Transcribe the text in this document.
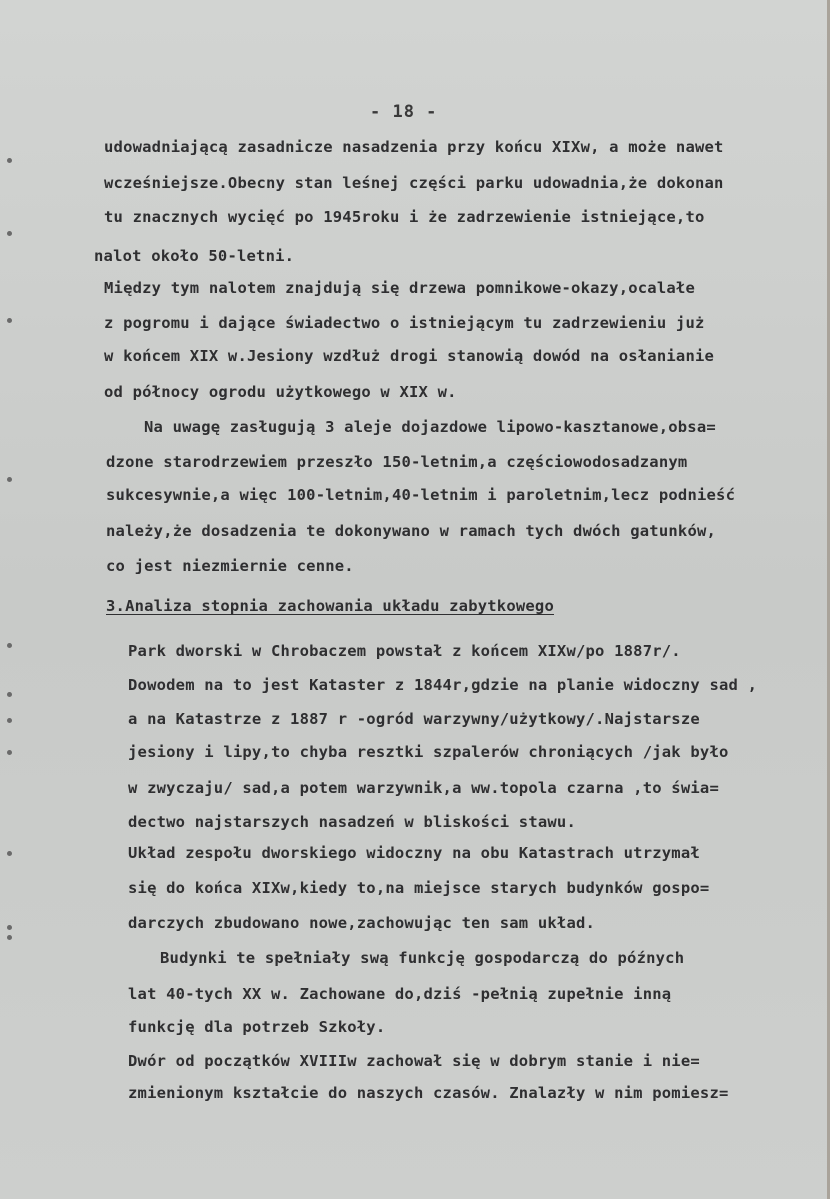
- 18 -
udowadniającą zasadnicze nasadzenia przy końcu XIXw, a może nawet
wcześniejsze.Obecny stan leśnej części parku udowadnia,że dokonan
tu znacznych wycięć po 1945roku i że zadrzewienie istniejące,to
nalot około 50-letni.
Między tym nalotem znajdują się drzewa pomnikowe-okazy,ocalałe
z pogromu i dające świadectwo o istniejącym tu zadrzewieniu już
w końcem XIX w.Jesiony wzdłuż drogi stanowią dowód na osłanianie
od północy ogrodu użytkowego w XIX w.
Na uwagę zasługują 3 aleje dojazdowe lipowo-kasztanowe,obsa=
dzone starodrzewiem przeszło 150-letnim,a częściowodosadzanym
sukcesywnie,a więc 100-letnim,40-letnim i paroletnim,lecz podnieść
należy,że dosadzenia te dokonywano w ramach tych dwóch gatunków,
co jest niezmiernie cenne.
3.Analiza stopnia zachowania układu zabytkowego
Park dworski w Chrobaczem powstał z końcem XIXw/po 1887r/.
Dowodem na to jest Kataster z 1844r,gdzie na planie widoczny sad ,
a na Katastrze z 1887 r -ogród warzywny/użytkowy/.Najstarsze
jesiony i lipy,to chyba resztki szpalerów chroniących /jak było
w zwyczaju/ sad,a potem warzywnik,a ww.topola czarna ,to świa=
dectwo najstarszych nasadzeń w bliskości stawu.
Układ zespołu dworskiego widoczny na obu Katastrach utrzymał
się do końca XIXw,kiedy to,na miejsce starych budynków gospo=
darczych zbudowano nowe,zachowując ten sam układ.
Budynki te spełniały swą funkcję gospodarczą do późnych
lat 40-tych XX w. Zachowane do,dziś -pełnią zupełnie inną
funkcję dla potrzeb Szkoły.
Dwór od początków XVIIIw zachował się w dobrym stanie i nie=
zmienionym kształcie do naszych czasów. Znalazły w nim pomiesz=
